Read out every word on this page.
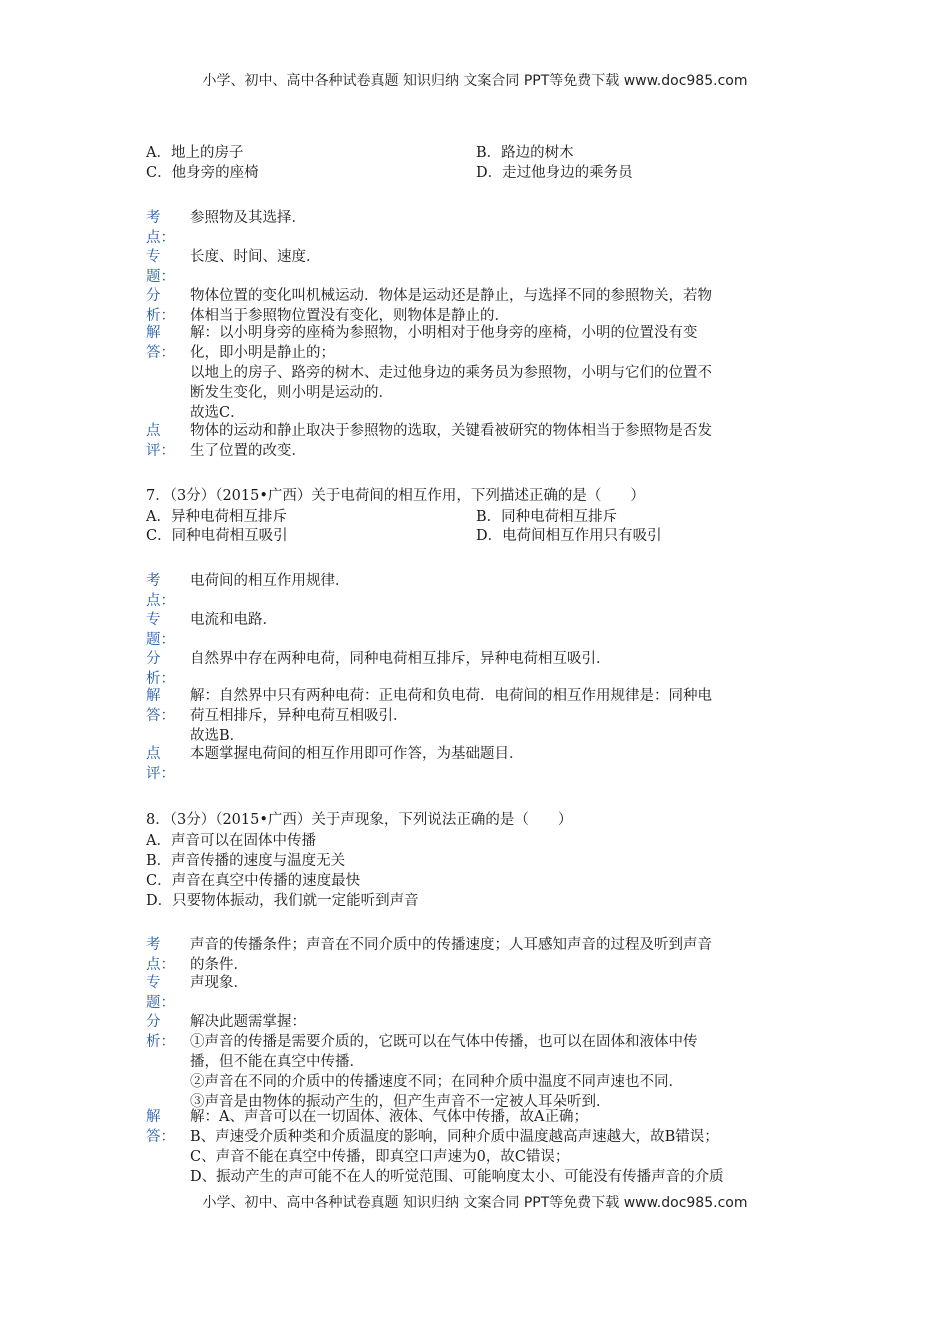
小学、初中、高中各种试卷真题 知识归纳 文案合同 PPT等免费下载 www.doc985.com
A．地上的房子	B．路边的树木
C．他身旁的座椅	D．走过他身边的乘务员
考
点：
参照物及其选择．
专
题：
长度、时间、速度．
分
析：

物体位置的变化叫机械运动．物体是运动还是静止，与选择不同的参照物关，若物

体相当于参照物位置没有变化，则物体是静止的．

解
答：

解：以小明身旁的座椅为参照物，小明相对于他身旁的座椅，小明的位置没有变

化，即小明是静止的；

以地上的房子、路旁的树木、走过他身边的乘务员为参照物，小明与它们的位置不

断发生变化，则小明是运动的．

故选C．

点
评：

物体的运动和静止取决于参照物的选取，关键看被研究的物体相当于参照物是否发

生了位置的改变．

7．（3分）（2015•广西）关于电荷间的相互作用，下列描述正确的是（　　）
A．异种电荷相互排斥	B．同种电荷相互排斥
C．同种电荷相互吸引	D．电荷间相互作用只有吸引
考
点：
电荷间的相互作用规律．
专
题：
电流和电路．
分
析：
自然界中存在两种电荷，同种电荷相互排斥，异种电荷相互吸引．
解
答：

解：自然界中只有两种电荷：正电荷和负电荷．电荷间的相互作用规律是：同种电

荷互相排斥，异种电荷互相吸引．

故选B．

点
评：
本题掌握电荷间的相互作用即可作答，为基础题目．
8．（3分）（2015•广西）关于声现象，下列说法正确的是（　　）
A．声音可以在固体中传播
B．声音传播的速度与温度无关
C．声音在真空中传播的速度最快
D．只要物体振动，我们就一定能听到声音
考
点：

声音的传播条件；声音在不同介质中的传播速度；人耳感知声音的过程及听到声音

的条件．

专
题：
声现象．
分
析：

解决此题需掌握：

①声音的传播是需要介质的，它既可以在气体中传播，也可以在固体和液体中传

播，但不能在真空中传播．

②声音在不同的介质中的传播速度不同；在同种介质中温度不同声速也不同．

③声音是由物体的振动产生的，但产生声音不一定被人耳朵听到．

解
答：

解：A、声音可以在一切固体、液体、气体中传播，故A正确；

B、声速受介质种类和介质温度的影响，同种介质中温度越高声速越大，故B错误；

C、声音不能在真空中传播，即真空口声速为0，故C错误；

D、振动产生的声可能不在人的听觉范围、可能响度太小、可能没有传播声音的介质

小学、初中、高中各种试卷真题 知识归纳 文案合同 PPT等免费下载 www.doc985.com
